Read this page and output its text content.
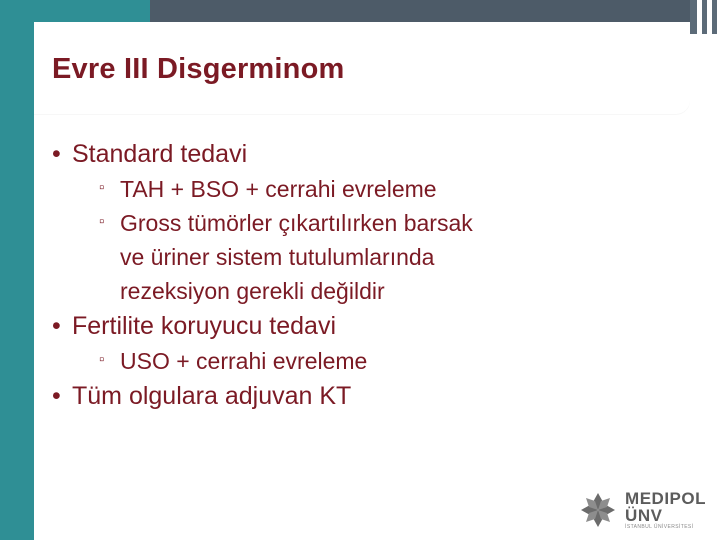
Evre III Disgerminom
• Standard tedavi
▫ TAH + BSO + cerrahi evreleme
▫ Gross tümörler çıkartılırken barsak
ve üriner sistem tutulumlarında
rezeksiyon gerekli değildir
• Fertilite koruyucu tedavi
▫ USO + cerrahi evreleme
• Tüm olgulara adjuvan KT
MEDIPOL
ÜNV
İSTANBUL ÜNİVERSİTESİ
